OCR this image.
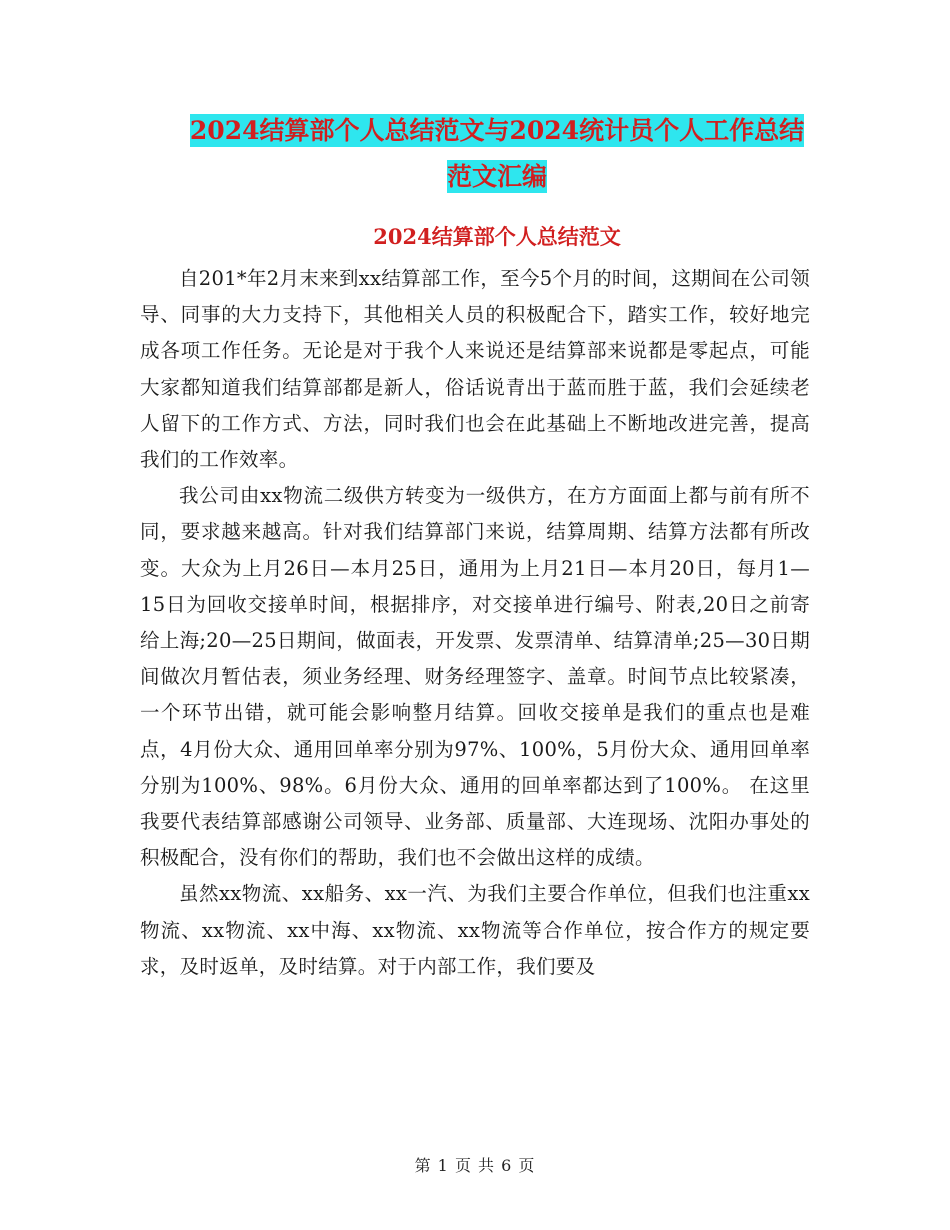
2024结算部个人总结范文与2024统计员个人工作总结
范文汇编
2024结算部个人总结范文

自201*年2月末来到xx结算部工作，至今5个月的时间，这期间在公司领导、同事的大力支持下，其他相关人员的积极配合下，踏实工作，较好地完成各项工作任务。无论是对于我个人来说还是结算部来说都是零起点，可能大家都知道我们结算部都是新人，俗话说青出于蓝而胜于蓝，我们会延续老人留下的工作方式、方法，同时我们也会在此基础上不断地改进完善，提高我们的工作效率。

我公司由xx物流二级供方转变为一级供方，在方方面面上都与前有所不同，要求越来越高。针对我们结算部门来说，结算周期、结算方法都有所改变。大众为上月26日—本月25日，通用为上月21日—本月20日，每月1—15日为回收交接单时间，根据排序，对交接单进行编号、附表,20日之前寄给上海;20—25日期间，做面表，开发票、发票清单、结算清单;25—30日期间做次月暂估表，须业务经理、财务经理签字、盖章。时间节点比较紧凑，一个环节出错，就可能会影响整月结算。回收交接单是我们的重点也是难点，4月份大众、通用回单率分别为97%、100%，5月份大众、通用回单率分别为100%、98%。6月份大众、通用的回单率都达到了100%。 在这里我要代表结算部感谢公司领导、业务部、质量部、大连现场、沈阳办事处的积极配合，没有你们的帮助，我们也不会做出这样的成绩。

虽然xx物流、xx船务、xx一汽、为我们主要合作单位，但我们也注重xx物流、xx物流、xx中海、xx物流、xx物流等合作单位，按合作方的规定要求，及时返单，及时结算。对于内部工作，我们要及

第 1 页 共 6 页
